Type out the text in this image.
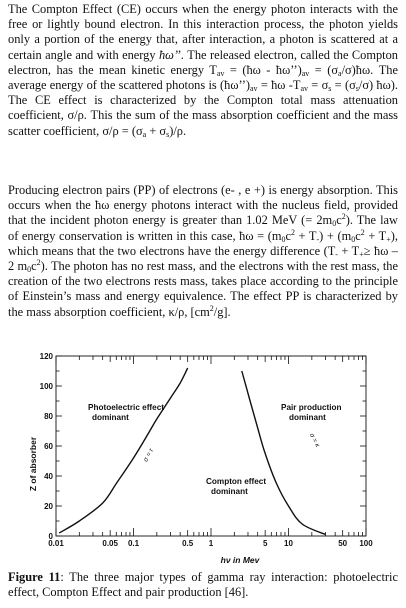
The Compton Effect (CE) occurs when the energy photon interacts with the free or lightly bound electron. In this interaction process, the photon yields only a portion of the energy that, after interaction, a photon is scattered at a certain angle and with energy ħω’’. The released electron, called the Compton electron, has the mean kinetic energy $T_{av}$ = (ħω - $ħ\omega’’)_{av}$ = $(\sigma_a/\sigma)ħ\omega$. The average energy of the scattered photons is $(ħ\omega’’)_{av}$ = ħω $-T_{av} = \sigma_s = (\sigma_s/\sigma)$ ħω). The CE effect is characterized by the Compton total mass attenuation coefficient, σ/ρ. This the sum of the mass absorption coefficient and the mass scatter coefficient, $\sigma/\rho = (\sigma_a + \sigma_s)/\rho$.

Producing electron pairs (PP) of electrons (e- , e +) is energy absorption. This occurs when the ħω energy photons interact with the nucleus field, provided that the incident photon energy is greater than 1.02 MeV (= $2m_0c^2$). The law of energy conservation is written in this case, ħω = $(m_0c^2 + T_-) + (m_0c^2 + T_+)$, which means that the two electrons have the energy difference ($T_- + T_+\ge$ ħω – 2 $m_0c^2$). The photon has no rest mass, and the electrons with the rest mass, the creation of the two electrons rests mass, takes place according to the principle of Einstein’s mass and energy equivalence. The effect PP is characterized by the mass absorption coefficient, κ/ρ, $[cm^2/g]$.

Z of absorber
hν in Mev
Photoelectric effect dominant
Compton effect dominant
Pair production dominant
σ = τ
σ = κ
0
20
40
60
80
100
120
0.01	0.05 0.1	0.5 1	5 10	50 100

Figure 11: The three major types of gamma ray interaction: photoelectric effect, Compton Effect and pair production [46].
